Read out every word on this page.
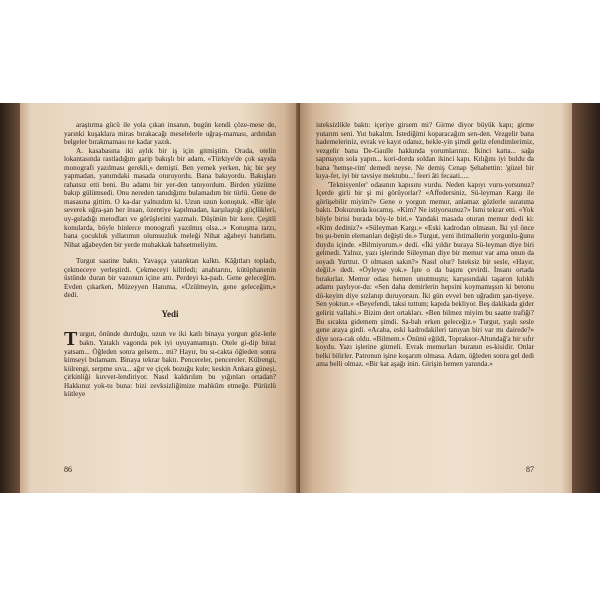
araştırma gücü ile yola çıkan insanın, bugün kendi çöze-mese de, yarınki kuşaklara miras bırakacağı meselelerle uğraş-maması, ardından belgeler bırakmaması ne kadar yazık.

A. kasabasına iki aylık bir iş için gitmiştim. Orada, otelin lokantasında rastladığım garip bakışlı bir adam, «Türkiye'de çok sayıda monografi yazılması gerekli,» demişti. Ben yemek yerken, hiç bir şey yapmadan, yanımdaki masada oturuyordu. Bana bakıyordu. Bakışları rahatsız etti beni. Bu adamı bir yer-den tanıyordum. Birden yüzüme bakıp gülümsedi. Onu nereden tanıdığımı bulamadım bir türlü. Gene de masasına gittim. O ka-dar yalnızdım ki. Uzun uzun konuştuk. «Bir işle severek uğra-şan her insan, özentiye kapılmadan, karşılaştığı güçlükleri, uy-guladığı metodları ve görüşlerini yazmalı. Düşünün bir kere. Çeşitli konularda, böyle binlerce monografi yazılmış olsa...» Konuşma tarzı, bana çocukluk yıllarımın olumsuzluk meleği Nihat ağabeyi hatırlattı. Nihat ağabeyden bir yerde muhakkak bahsetmeliyim.

Turgut saatine baktı. Yavaşça yatanktan kalktı. Kâğıtları topladı, çekmeceye yerleştirdi. Çekmeceyi kilitledi; anahtarını, kütüphanenin üstünde duran bir vazonun içine attı. Perdeyi ka-padı. Gene geleceğim. Evden çıkarken, Müzeyyen Hanıma, «Üzülmeyin, gene geleceğim,» dedi.

Yedi

Turgut, önünde durduğu, uzun ve iki katlı binaya yorgun göz-lerle baktı. Yataklı vagonda pek iyi uyuyamamıştı. Otele gi-dip biraz yatsam... Öğleden sonra gelsem... mi? Hayır, bu sı-cakta öğleden sonra kimseyi bulamam. Binaya tekrar baktı. Pencereler, pencereler. Külrengi, külrengi, serpme sıva... ağır ve çiçek bozuğu kule; keskin Ankara güneşi, çirkinliği kuvvet-lendiriyor. Nasıl kaldırılım bu yığınları ortadan? Hakkınız yok-tu buna: bizi zevksizliğimize mahkûm etmeğe. Pürüzlü kütleye

86

isteksizlikle baktı: içeriye girsem mi? Girme diyor büyük kapı; girme yutarım seni. Yut bakalım. İstediğimi koparacağım sen-den. Vezgelir bana hademeleriniz, evrak ve kayıt odanız, bekle-yin şimdi geliz efendimlerimiz, vezgelir bana De-Gaulle hakkında yorumlarınız. İkinci katta... sağa sapmayın sola yapın... kori-dorda soldan ikinci kapı. Kılığını iyi buldu da bana 'hemşe-rim' demedi neyse. Ne demiş Cenap Şehabettin: 'güzel bir kıya-fet, iyi bir tavsiye mektubu...' feeri âti fecaati.....

'Teknisyenler' odasının kapısını vurdu. Neden kapıyı vuru-yorsunuz? İçerde girli bir şi mi görüyorlar? «Affedersiniz, Sü-leyman Kargı ile görüşebilir miyim?» Gene o yorgun memur, anlamaz gözlerle suratıma baktı. Dokuzunda kocamış. «Kim? Ne istiyorsunuz?» İsmi tekrar etti. «Yok böyle birisi burada böy-le biri.» Yandaki masada oturan memur dedi ki: «Kim dediniz?» «Süleyman Kargı.» «Eski kadrodan olmasın. İki yıl önce bu şu-benin elemanları değişti de.» Turgut, yeni ihtimallerin yorgunlu-ğunu duydu içinde. «Bilmiyorum.» dedi. «İki yıldır buraya Sü-leyman diye biri gelmedi. Yalnız, yazı işlerinde Süleyman diye bir memur var ama onun da soyadı Yurttut. O olmasın sakın?» Nasıl olur? Isteksiz bir sesle, «Hayır, değil.» dedi. «Öyleyse yok.» İşte o da başını çevirdi. İnsanı ortada bırakırlar. Memur odası hemen unutmuştu; karşısındaki taşaron kılıklı adamı paylıyor-du: «Sen daha demirlerin hepsini koymamışsın ki betonu dö-keyim diye sızlanıp duruyorsun. İki gün evvel ben uğradım şan-tiyeye. Sen yoktun.» «Beyefendi, taksi tuttum; kapıda bekliyor. Beş dakikada gider geliriz vallahi.» Bizim dert ortakları. «Ben bilmez miyim bu saatte trafiği? Bu sıcakta gidemem şimdi. Sa-bah erken geleceğiz.» Turgut, yaşlı sesle gene araya girdi. «Acaba, eski kadrodakileri tanıyan biri var mı dairede?» diye sora-cak oldu. «Bilmem.» Önünü eğildi, Topraksor-Altundağ'a bir sıfır koydu. Yazı işlerine gitmeli. Evrak memurları buranın es-kisidir. Onlar belki bilirler. Patronun işine koşarım olmasa. Adam, öğleden sonra gel dedi ama belli olmaz. «Bir kat aşağı inin. Girişin hemen yanında.»

87
